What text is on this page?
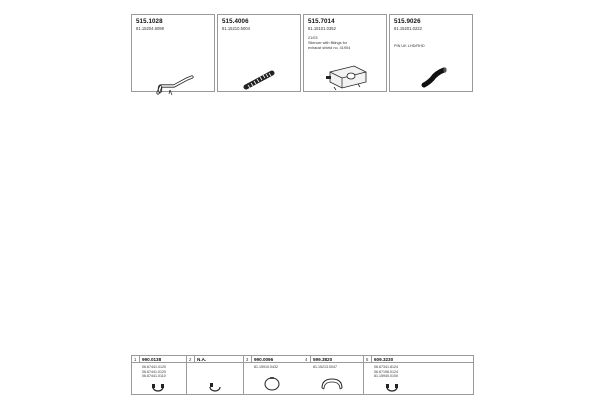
515.1028
81.15204.6098
515.4006
81.15210.5004
515.7014
81.15101.0352
21/03
Silencer with fittings for
exhaust shield no. 41904
515.9026
81.15201.0222
PIN UK LHD/RHD
1 990.0138
06.67441.0120
06.67441.0120
06.67441.0110
2 N.A.	3 990.0096
81.15910.0432
4 599.3820
81.15213.0047
5 609.3230
06.67341.8124
06.67196.0124
81.15940.0100
